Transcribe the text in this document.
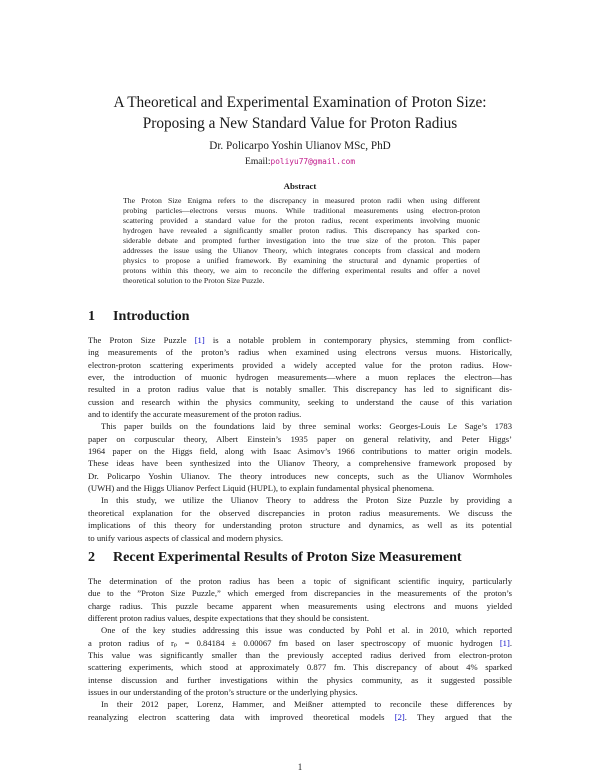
A Theoretical and Experimental Examination of Proton Size:
Proposing a New Standard Value for Proton Radius
Dr. Policarpo Yoshin Ulianov MSc, PhD
Email:poliyu77@gmail.com
Abstract
The Proton Size Enigma refers to the discrepancy in measured proton radii when using different
probing particles—electrons versus muons. While traditional measurements using electron-proton
scattering provided a standard value for the proton radius, recent experiments involving muonic
hydrogen have revealed a significantly smaller proton radius. This discrepancy has sparked con-
siderable debate and prompted further investigation into the true size of the proton. This paper
addresses the issue using the Ulianov Theory, which integrates concepts from classical and modern
physics to propose a unified framework. By examining the structural and dynamic properties of
protons within this theory, we aim to reconcile the differing experimental results and offer a novel
theoretical solution to the Proton Size Puzzle.
1 Introduction
The Proton Size Puzzle [1] is a notable problem in contemporary physics, stemming from conflict-
ing measurements of the proton’s radius when examined using electrons versus muons. Historically,
electron-proton scattering experiments provided a widely accepted value for the proton radius. How-
ever, the introduction of muonic hydrogen measurements—where a muon replaces the electron—has
resulted in a proton radius value that is notably smaller. This discrepancy has led to significant dis-
cussion and research within the physics community, seeking to understand the cause of this variation
and to identify the accurate measurement of the proton radius.
This paper builds on the foundations laid by three seminal works: Georges-Louis Le Sage’s 1783
paper on corpuscular theory, Albert Einstein’s 1935 paper on general relativity, and Peter Higgs’
1964 paper on the Higgs field, along with Isaac Asimov’s 1966 contributions to matter origin models.
These ideas have been synthesized into the Ulianov Theory, a comprehensive framework proposed by
Dr. Policarpo Yoshin Ulianov. The theory introduces new concepts, such as the Ulianov Wormholes
(UWH) and the Higgs Ulianov Perfect Liquid (HUPL), to explain fundamental physical phenomena.
In this study, we utilize the Ulianov Theory to address the Proton Size Puzzle by providing a
theoretical explanation for the observed discrepancies in proton radius measurements. We discuss the
implications of this theory for understanding proton structure and dynamics, as well as its potential
to unify various aspects of classical and modern physics.
2 Recent Experimental Results of Proton Size Measurement
The determination of the proton radius has been a topic of significant scientific inquiry, particularly
due to the ”Proton Size Puzzle,” which emerged from discrepancies in the measurements of the proton’s
charge radius. This puzzle became apparent when measurements using electrons and muons yielded
different proton radius values, despite expectations that they should be consistent.
One of the key studies addressing this issue was conducted by Pohl et al. in 2010, which reported
a proton radius of rₚ = 0.84184 ± 0.00067 fm based on laser spectroscopy of muonic hydrogen [1].
This value was significantly smaller than the previously accepted radius derived from electron-proton
scattering experiments, which stood at approximately 0.877 fm. This discrepancy of about 4% sparked
intense discussion and further investigations within the physics community, as it suggested possible
issues in our understanding of the proton’s structure or the underlying physics.
In their 2012 paper, Lorenz, Hammer, and Meißner attempted to reconcile these differences by
reanalyzing electron scattering data with improved theoretical models [2]. They argued that the
1
